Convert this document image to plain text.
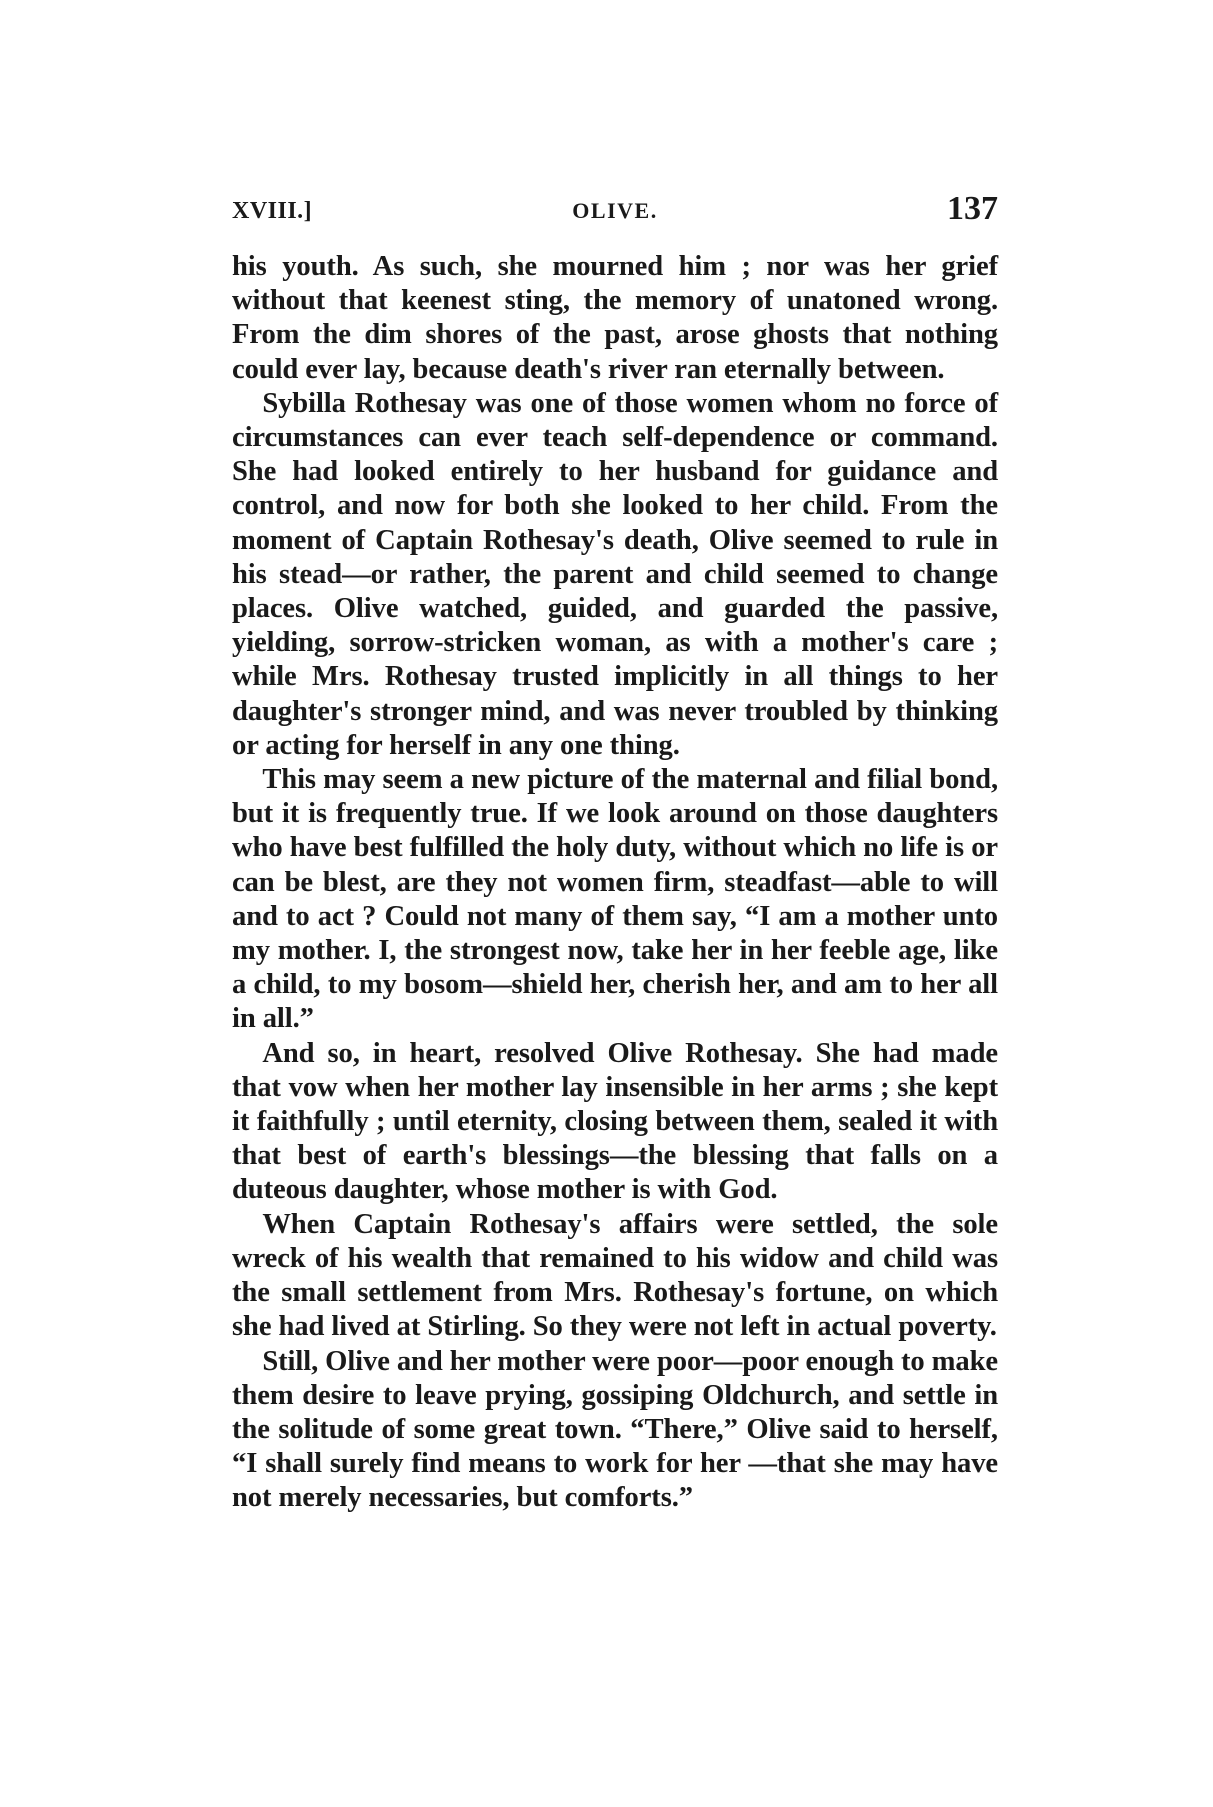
XVIII.]	OLIVE.	137

his youth. As such, she mourned him ; nor was her grief without that keenest sting, the memory of unatoned wrong. From the dim shores of the past, arose ghosts that nothing could ever lay, because death's river ran eternally between.

Sybilla Rothesay was one of those women whom no force of circumstances can ever teach self-dependence or command. She had looked entirely to her husband for guidance and control, and now for both she looked to her child. From the moment of Captain Rothesay's death, Olive seemed to rule in his stead—or rather, the parent and child seemed to change places. Olive watched, guided, and guarded the passive, yielding, sorrow-stricken woman, as with a mother's care ; while Mrs. Rothesay trusted implicitly in all things to her daughter's stronger mind, and was never troubled by thinking or acting for herself in any one thing.

This may seem a new picture of the maternal and filial bond, but it is frequently true. If we look around on those daughters who have best fulfilled the holy duty, without which no life is or can be blest, are they not women firm, steadfast—able to will and to act ? Could not many of them say, “I am a mother unto my mother. I, the strongest now, take her in her feeble age, like a child, to my bosom—shield her, cherish her, and am to her all in all.”

And so, in heart, resolved Olive Rothesay. She had made that vow when her mother lay insensible in her arms ; she kept it faithfully ; until eternity, closing between them, sealed it with that best of earth's blessings—the blessing that falls on a duteous daughter, whose mother is with God.

When Captain Rothesay's affairs were settled, the sole wreck of his wealth that remained to his widow and child was the small settlement from Mrs. Rothesay's fortune, on which she had lived at Stirling. So they were not left in actual poverty.

Still, Olive and her mother were poor—poor enough to make them desire to leave prying, gossiping Oldchurch, and settle in the solitude of some great town. “There,” Olive said to herself, “I shall surely find means to work for her —that she may have not merely necessaries, but comforts.”
